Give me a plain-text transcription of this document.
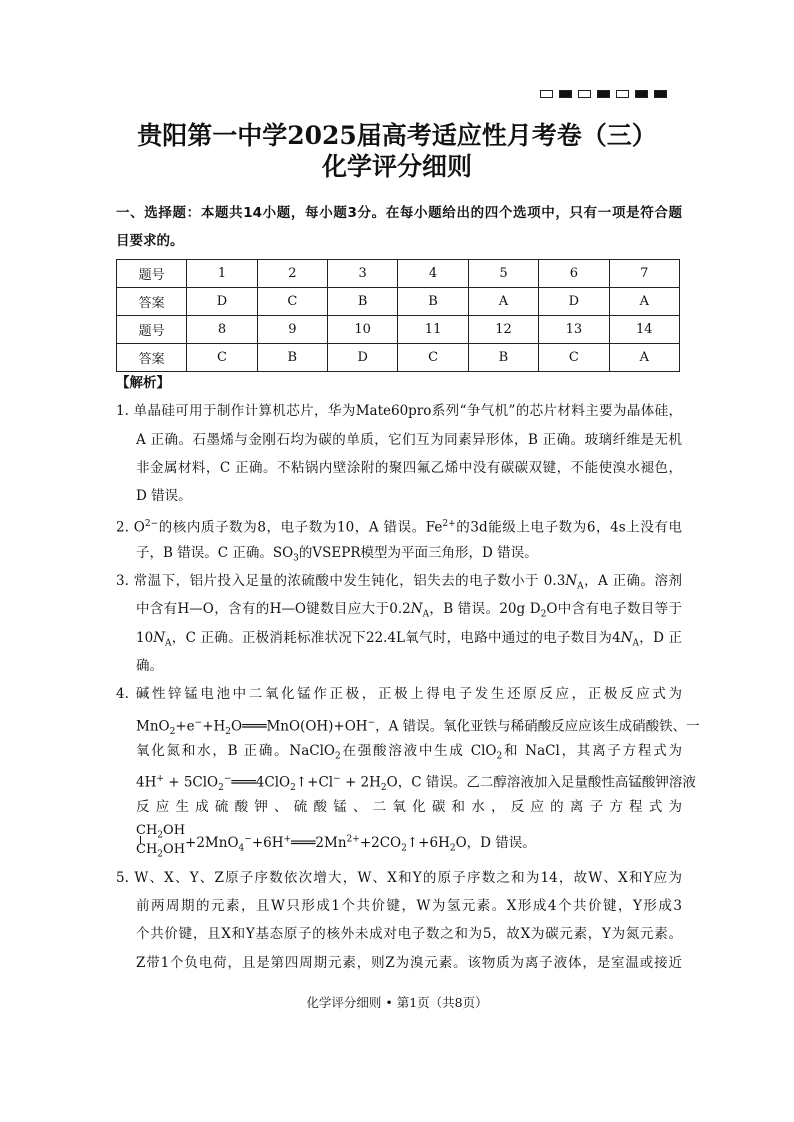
贵阳第一中学2025届高考适应性月考卷（三）
化学评分细则
一、选择题：本题共14小题，每小题3分。在每小题给出的四个选项中，只有一项是符合题
目要求的。
题号	1	2	3	4	5	6	7
答案	D	C	B	B	A	D	A
题号	8	9	10	11	12	13	14
答案	C	B	D	C	B	C	A
【解析】
1. 单晶硅可用于制作计算机芯片，华为Mate60pro系列“争气机”的芯片材料主要为晶体硅，
A 正确。石墨烯与金刚石均为碳的单质，它们互为同素异形体，B 正确。玻璃纤维是无机
非金属材料，C 正确。不粘锅内壁涂附的聚四氟乙烯中没有碳碳双键，不能使溴水褪色，
D 错误。
2. $O^{2-}$的核内质子数为8，电子数为10，A 错误。$Fe^{2+}$的3d能级上电子数为6，4s上没有电
子，B 错误。C 正确。$SO_3$的VSEPR模型为平面三角形，D 错误。
3. 常温下，铝片投入足量的浓硫酸中发生钝化，铝失去的电子数小于 $0.3N_A$，A 正确。溶剂
中含有H—O，含有的H—O键数目应大于$0.2N_A$，B 错误。20g $D_2O$中含有电子数目等于
$10N_A$，C 正确。正极消耗标准状况下22.4L氧气时，电路中通过的电子数目为$4N_A$，D 正
确。
4. 碱性锌锰电池中二氧化锰作正极，正极上得电子发生还原反应，正极反应式为
$MnO_2+e^-+H_2O═══MnO(OH)+OH^-$，A 错误。氧化亚铁与稀硝酸反应应该生成硝酸铁、一
氧化氮和水，B 正确。NaClO$_2$在强酸溶液中生成 ClO$_2$和 NaCl，其离子方程式为
4H+ + 5ClO$_2$−═══4ClO$_2$↑+Cl− + $2H_2O$，C 错误。乙二醇溶液加入足量酸性高锰酸钾溶液
反应生成硫酸钾、硫酸锰、二氧化碳和水，反应的离子方程式为
$CH_2OH$
$CH_2OH$ $+2MnO_4^-+6H^+═══2Mn^{2+}+2CO_2↑+6H_2O$，D 错误。
5. W、X、Y、Z原子序数依次增大，W、X和Y的原子序数之和为14，故W、X和Y应为
前两周期的元素，且W只形成1个共价键，W为氢元素。X形成4个共价键，Y形成3
个共价键，且X和Y基态原子的核外未成对电子数之和为5，故X为碳元素，Y为氮元素。
Z带1个负电荷，且是第四周期元素，则Z为溴元素。该物质为离子液体，是室温或接近
化学评分细则 • 第1页（共8页）
